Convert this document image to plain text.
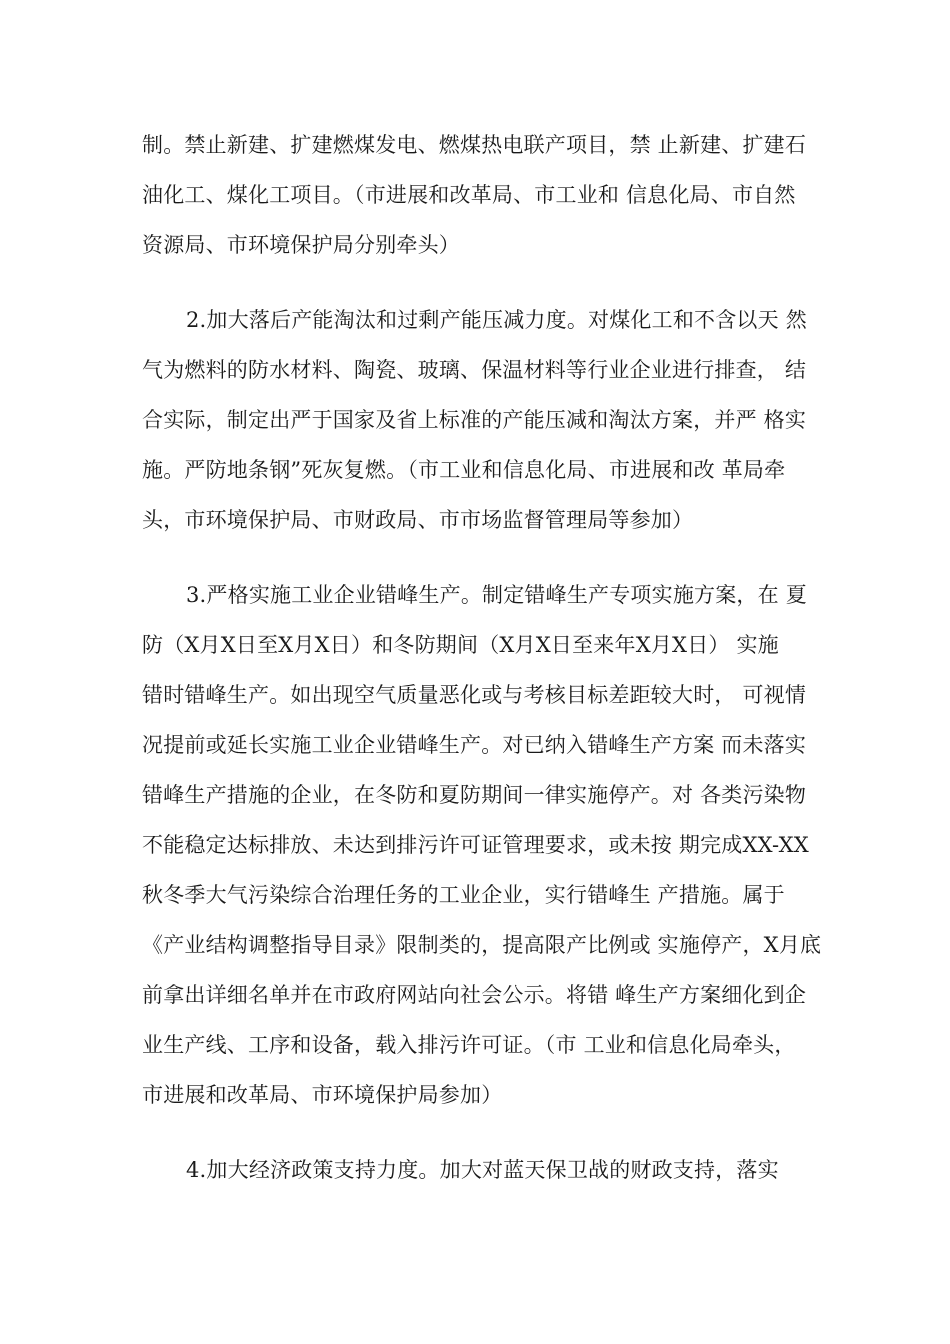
制。禁止新建、扩建燃煤发电、燃煤热电联产项目，禁 止新建、扩建石
油化工、煤化工项目。（市进展和改革局、市工业和 信息化局、市自然
资源局、市环境保护局分别牵头）
2.加大落后产能淘汰和过剩产能压减力度。对煤化工和不含以天 然
气为燃料的防水材料、陶瓷、玻璃、保温材料等行业企业进行排查， 结
合实际，制定出严于国家及省上标准的产能压减和淘汰方案，并严 格实
施。严防地条钢”死灰复燃。（市工业和信息化局、市进展和改 革局牵
头，市环境保护局、市财政局、市市场监督管理局等参加）
3.严格实施工业企业错峰生产。制定错峰生产专项实施方案，在 夏
防（X月X日至X月X日）和冬防期间（X月X日至来年X月X日） 实施
错时错峰生产。如出现空气质量恶化或与考核目标差距较大时， 可视情
况提前或延长实施工业企业错峰生产。对已纳入错峰生产方案 而未落实
错峰生产措施的企业，在冬防和夏防期间一律实施停产。对 各类污染物
不能稳定达标排放、未达到排污许可证管理要求，或未按 期完成XX-XX
秋冬季大气污染综合治理任务的工业企业，实行错峰生 产措施。属于
《产业结构调整指导目录》限制类的，提高限产比例或 实施停产，X月底
前拿出详细名单并在市政府网站向社会公示。将错 峰生产方案细化到企
业生产线、工序和设备，载入排污许可证。（市 工业和信息化局牵头，
市进展和改革局、市环境保护局参加）
4.加大经济政策支持力度。加大对蓝天保卫战的财政支持，落实
